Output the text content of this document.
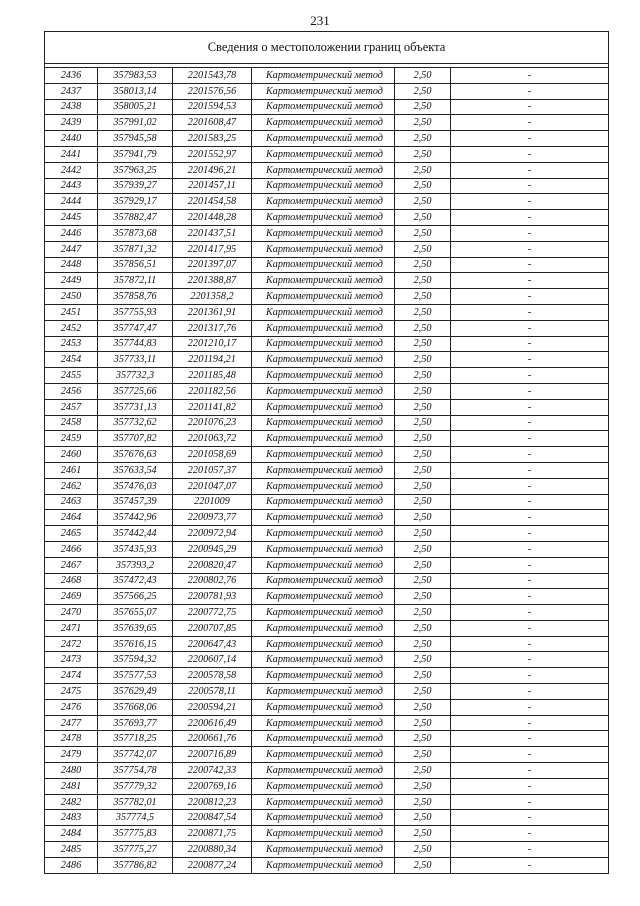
231
Сведения о местоположении границ объекта					

2436	357983,53	2201543,78	Картометрический метод	2,50	-
2437	358013,14	2201576,56	Картометрический метод	2,50	-
2438	358005,21	2201594,53	Картометрический метод	2,50	-
2439	357991,02	2201608,47	Картометрический метод	2,50	-
2440	357945,58	2201583,25	Картометрический метод	2,50	-
2441	357941,79	2201552,97	Картометрический метод	2,50	-
2442	357963,25	2201496,21	Картометрический метод	2,50	-
2443	357939,27	2201457,11	Картометрический метод	2,50	-
2444	357929,17	2201454,58	Картометрический метод	2,50	-
2445	357882,47	2201448,28	Картометрический метод	2,50	-
2446	357873,68	2201437,51	Картометрический метод	2,50	-
2447	357871,32	2201417,95	Картометрический метод	2,50	-
2448	357856,51	2201397,07	Картометрический метод	2,50	-
2449	357872,11	2201388,87	Картометрический метод	2,50	-
2450	357858,76	2201358,2	Картометрический метод	2,50	-
2451	357755,93	2201361,91	Картометрический метод	2,50	-
2452	357747,47	2201317,76	Картометрический метод	2,50	-
2453	357744,83	2201210,17	Картометрический метод	2,50	-
2454	357733,11	2201194,21	Картометрический метод	2,50	-
2455	357732,3	2201185,48	Картометрический метод	2,50	-
2456	357725,66	2201182,56	Картометрический метод	2,50	-
2457	357731,13	2201141,82	Картометрический метод	2,50	-
2458	357732,62	2201076,23	Картометрический метод	2,50	-
2459	357707,82	2201063,72	Картометрический метод	2,50	-
2460	357676,63	2201058,69	Картометрический метод	2,50	-
2461	357633,54	2201057,37	Картометрический метод	2,50	-
2462	357476,03	2201047,07	Картометрический метод	2,50	-
2463	357457,39	2201009	Картометрический метод	2,50	-
2464	357442,96	2200973,77	Картометрический метод	2,50	-
2465	357442,44	2200972,94	Картометрический метод	2,50	-
2466	357435,93	2200945,29	Картометрический метод	2,50	-
2467	357393,2	2200820,47	Картометрический метод	2,50	-
2468	357472,43	2200802,76	Картометрический метод	2,50	-
2469	357566,25	2200781,93	Картометрический метод	2,50	-
2470	357655,07	2200772,75	Картометрический метод	2,50	-
2471	357639,65	2200707,85	Картометрический метод	2,50	-
2472	357616,15	2200647,43	Картометрический метод	2,50	-
2473	357594,32	2200607,14	Картометрический метод	2,50	-
2474	357577,53	2200578,58	Картометрический метод	2,50	-
2475	357629,49	2200578,11	Картометрический метод	2,50	-
2476	357668,06	2200594,21	Картометрический метод	2,50	-
2477	357693,77	2200616,49	Картометрический метод	2,50	-
2478	357718,25	2200661,76	Картометрический метод	2,50	-
2479	357742,07	2200716,89	Картометрический метод	2,50	-
2480	357754,78	2200742,33	Картометрический метод	2,50	-
2481	357779,32	2200769,16	Картометрический метод	2,50	-
2482	357782,01	2200812,23	Картометрический метод	2,50	-
2483	357774,5	2200847,54	Картометрический метод	2,50	-
2484	357775,83	2200871,75	Картометрический метод	2,50	-
2485	357775,27	2200880,34	Картометрический метод	2,50	-
2486	357786,82	2200877,24	Картометрический метод	2,50	-
